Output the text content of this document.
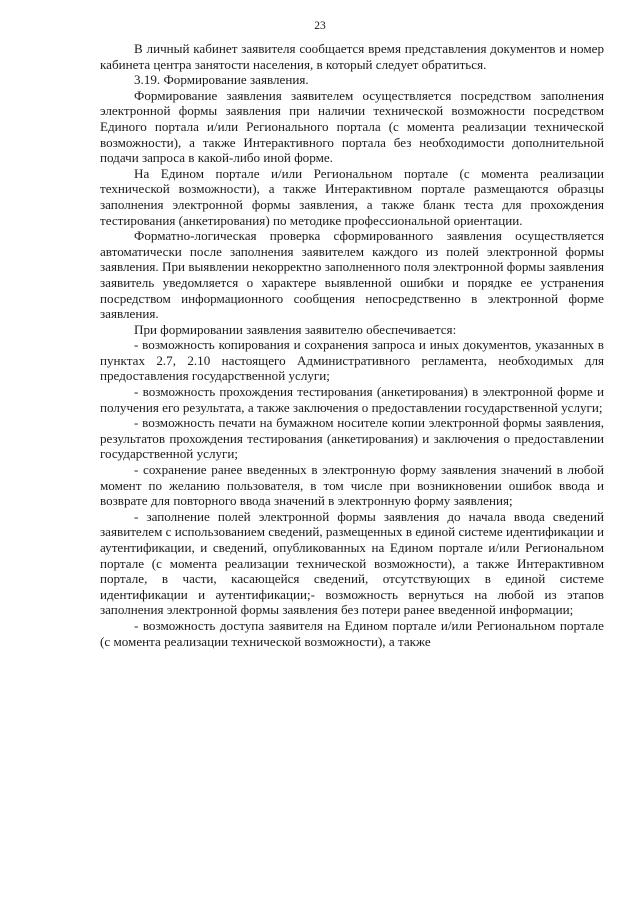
23

В личный кабинет заявителя сообщается время представления документов и номер кабинета центра занятости населения, в который следует обратиться.

3.19. Формирование заявления.

Формирование заявления заявителем осуществляется посредством заполнения электронной формы заявления при наличии технической возможности посредством Единого портала и/или Регионального портала (с момента реализации технической возможности), а также Интерактивного портала без необходимости дополнительной подачи запроса в какой-либо иной форме.

На Едином портале и/или Региональном портале (с момента реализации технической возможности), а также Интерактивном портале размещаются образцы заполнения электронной формы заявления, а также бланк теста для прохождения тестирования (анкетирования) по методике профессиональной ориентации.

Форматно-логическая проверка сформированного заявления осуществляется автоматически после заполнения заявителем каждого из полей электронной формы заявления. При выявлении некорректно заполненного поля электронной формы заявления заявитель уведомляется о характере выявленной ошибки и порядке ее устранения посредством информационного сообщения непосредственно в электронной форме заявления.

При формировании заявления заявителю обеспечивается:

- возможность копирования и сохранения запроса и иных документов, указанных в пунктах 2.7, 2.10 настоящего Административного регламента, необходимых для предоставления государственной услуги;

- возможность прохождения тестирования (анкетирования) в электронной форме и получения его результата, а также заключения о предоставлении государственной услуги;

- возможность печати на бумажном носителе копии электронной формы заявления, результатов прохождения тестирования (анкетирования) и заключения о предоставлении государственной услуги;

- сохранение ранее введенных в электронную форму заявления значений в любой момент по желанию пользователя, в том числе при возникновении ошибок ввода и возврате для повторного ввода значений в электронную форму заявления;

- заполнение полей электронной формы заявления до начала ввода сведений заявителем с использованием сведений, размещенных в единой системе идентификации и аутентификации, и сведений, опубликованных на Едином портале и/или Региональном портале (с момента реализации технической возможности), а также Интерактивном портале, в части, касающейся сведений, отсутствующих в единой системе идентификации и аутентификации;- возможность вернуться на любой из этапов заполнения электронной формы заявления без потери ранее введенной информации;

- возможность доступа заявителя на Едином портале и/или Региональном портале (с момента реализации технической возможности), а также
